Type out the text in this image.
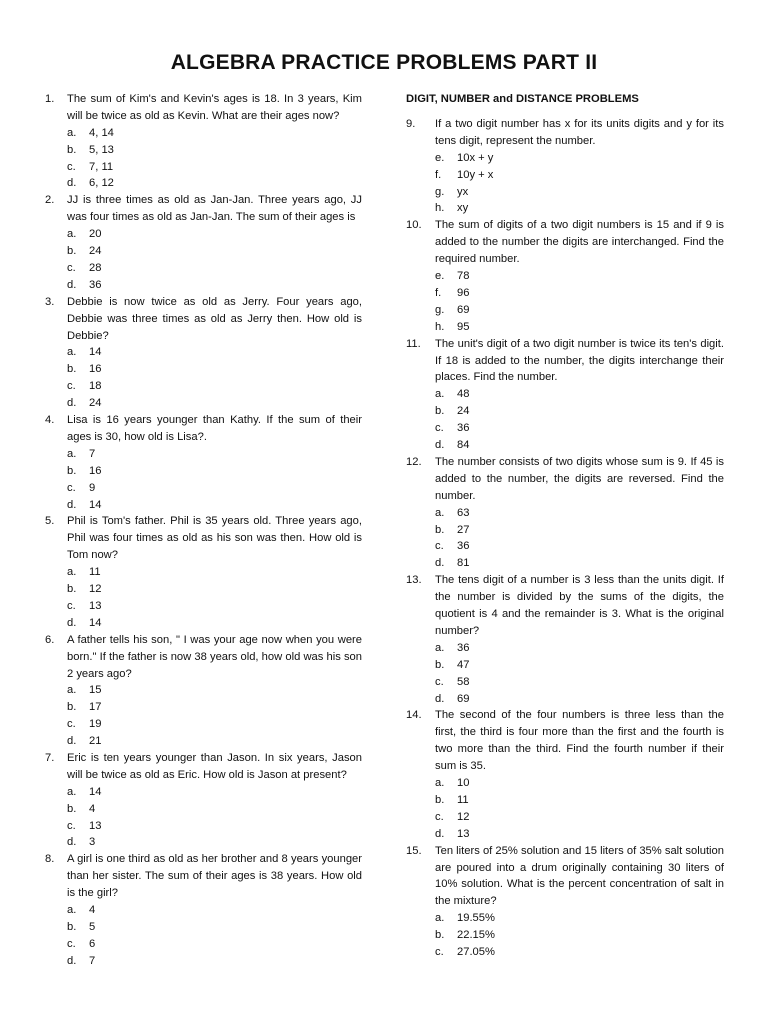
ALGEBRA PRACTICE PROBLEMS PART II
1. The sum of Kim's and Kevin's ages is 18. In 3 years, Kim will be twice as old as Kevin. What are their ages now?

a. 4, 14
b. 5, 13
c. 7, 11
d. 6, 12
2. JJ is three times as old as Jan-Jan. Three years ago, JJ was four times as old as Jan-Jan. The sum of their ages is

a. 20
b. 24
c. 28
d. 36
3. Debbie is now twice as old as Jerry. Four years ago, Debbie was three times as old as Jerry then. How old is Debbie?

a. 14
b. 16
c. 18
d. 24
4. Lisa is 16 years younger than Kathy. If the sum of their ages is 30, how old is Lisa?.

a. 7
b. 16
c. 9
d. 14
5. Phil is Tom's father. Phil is 35 years old. Three years ago, Phil was four times as old as his son was then. How old is Tom now?

a. 11
b. 12
c. 13
d. 14
6. A father tells his son, " I was your age now when you were born." If the father is now 38 years old, how old was his son 2 years ago?

a. 15
b. 17
c. 19
d. 21
7. Eric is ten years younger than Jason. In six years, Jason will be twice as old as Eric. How old is Jason at present?

a. 14
b. 4
c. 13
d. 3
8. A girl is one third as old as her brother and 8 years younger than her sister. The sum of their ages is 38 years. How old is the girl?

a. 4
b. 5
c. 6
d. 7
DIGIT, NUMBER and DISTANCE PROBLEMS
9. If a two digit number has x for its units digits and y for its tens digit, represent the number.

e. 10x + y
f. 10y + x
g. yx
h. xy
10. The sum of digits of a two digit numbers is 15 and if 9 is added to the number the digits are interchanged. Find the required number.

e. 78
f. 96
g. 69
h. 95
11. The unit's digit of a two digit number is twice its ten's digit. If 18 is added to the number, the digits interchange their places. Find the number.

a. 48
b. 24
c. 36
d. 84
12. The number consists of two digits whose sum is 9. If 45 is added to the number, the digits are reversed. Find the number.

a. 63
b. 27
c. 36
d. 81
13. The tens digit of a number is 3 less than the units digit. If the number is divided by the sums of the digits, the quotient is 4 and the remainder is 3. What is the original number?

a. 36
b. 47
c. 58
d. 69
14. The second of the four numbers is three less than the first, the third is four more than the first and the fourth is two more than the third. Find the fourth number if their sum is 35.

a. 10
b. 11
c. 12
d. 13
15. Ten liters of 25% solution and 15 liters of 35% salt solution are poured into a drum originally containing 30 liters of 10% solution. What is the percent concentration of salt in the mixture?

a. 19.55%
b. 22.15%
c. 27.05%
